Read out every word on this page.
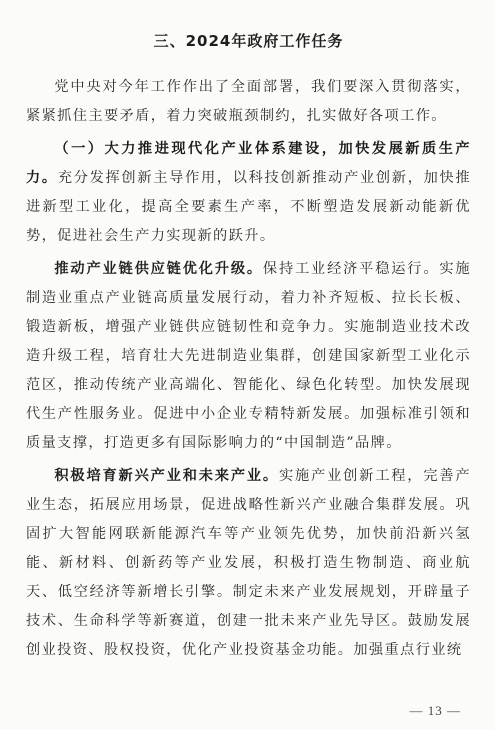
三、2024年政府工作任务

党中央对今年工作作出了全面部署，我们要深入贯彻落实，紧紧抓住主要矛盾，着力突破瓶颈制约，扎实做好各项工作。

（一）大力推进现代化产业体系建设，加快发展新质生产力。充分发挥创新主导作用，以科技创新推动产业创新，加快推进新型工业化，提高全要素生产率，不断塑造发展新动能新优势，促进社会生产力实现新的跃升。

推动产业链供应链优化升级。保持工业经济平稳运行。实施制造业重点产业链高质量发展行动，着力补齐短板、拉长长板、锻造新板，增强产业链供应链韧性和竞争力。实施制造业技术改造升级工程，培育壮大先进制造业集群，创建国家新型工业化示范区，推动传统产业高端化、智能化、绿色化转型。加快发展现代生产性服务业。促进中小企业专精特新发展。加强标准引领和质量支撑，打造更多有国际影响力的“中国制造”品牌。

积极培育新兴产业和未来产业。实施产业创新工程，完善产业生态，拓展应用场景，促进战略性新兴产业融合集群发展。巩固扩大智能网联新能源汽车等产业领先优势，加快前沿新兴氢能、新材料、创新药等产业发展，积极打造生物制造、商业航天、低空经济等新增长引擎。制定未来产业发展规划，开辟量子技术、生命科学等新赛道，创建一批未来产业先导区。鼓励发展创业投资、股权投资，优化产业投资基金功能。加强重点行业统

— 13 —
